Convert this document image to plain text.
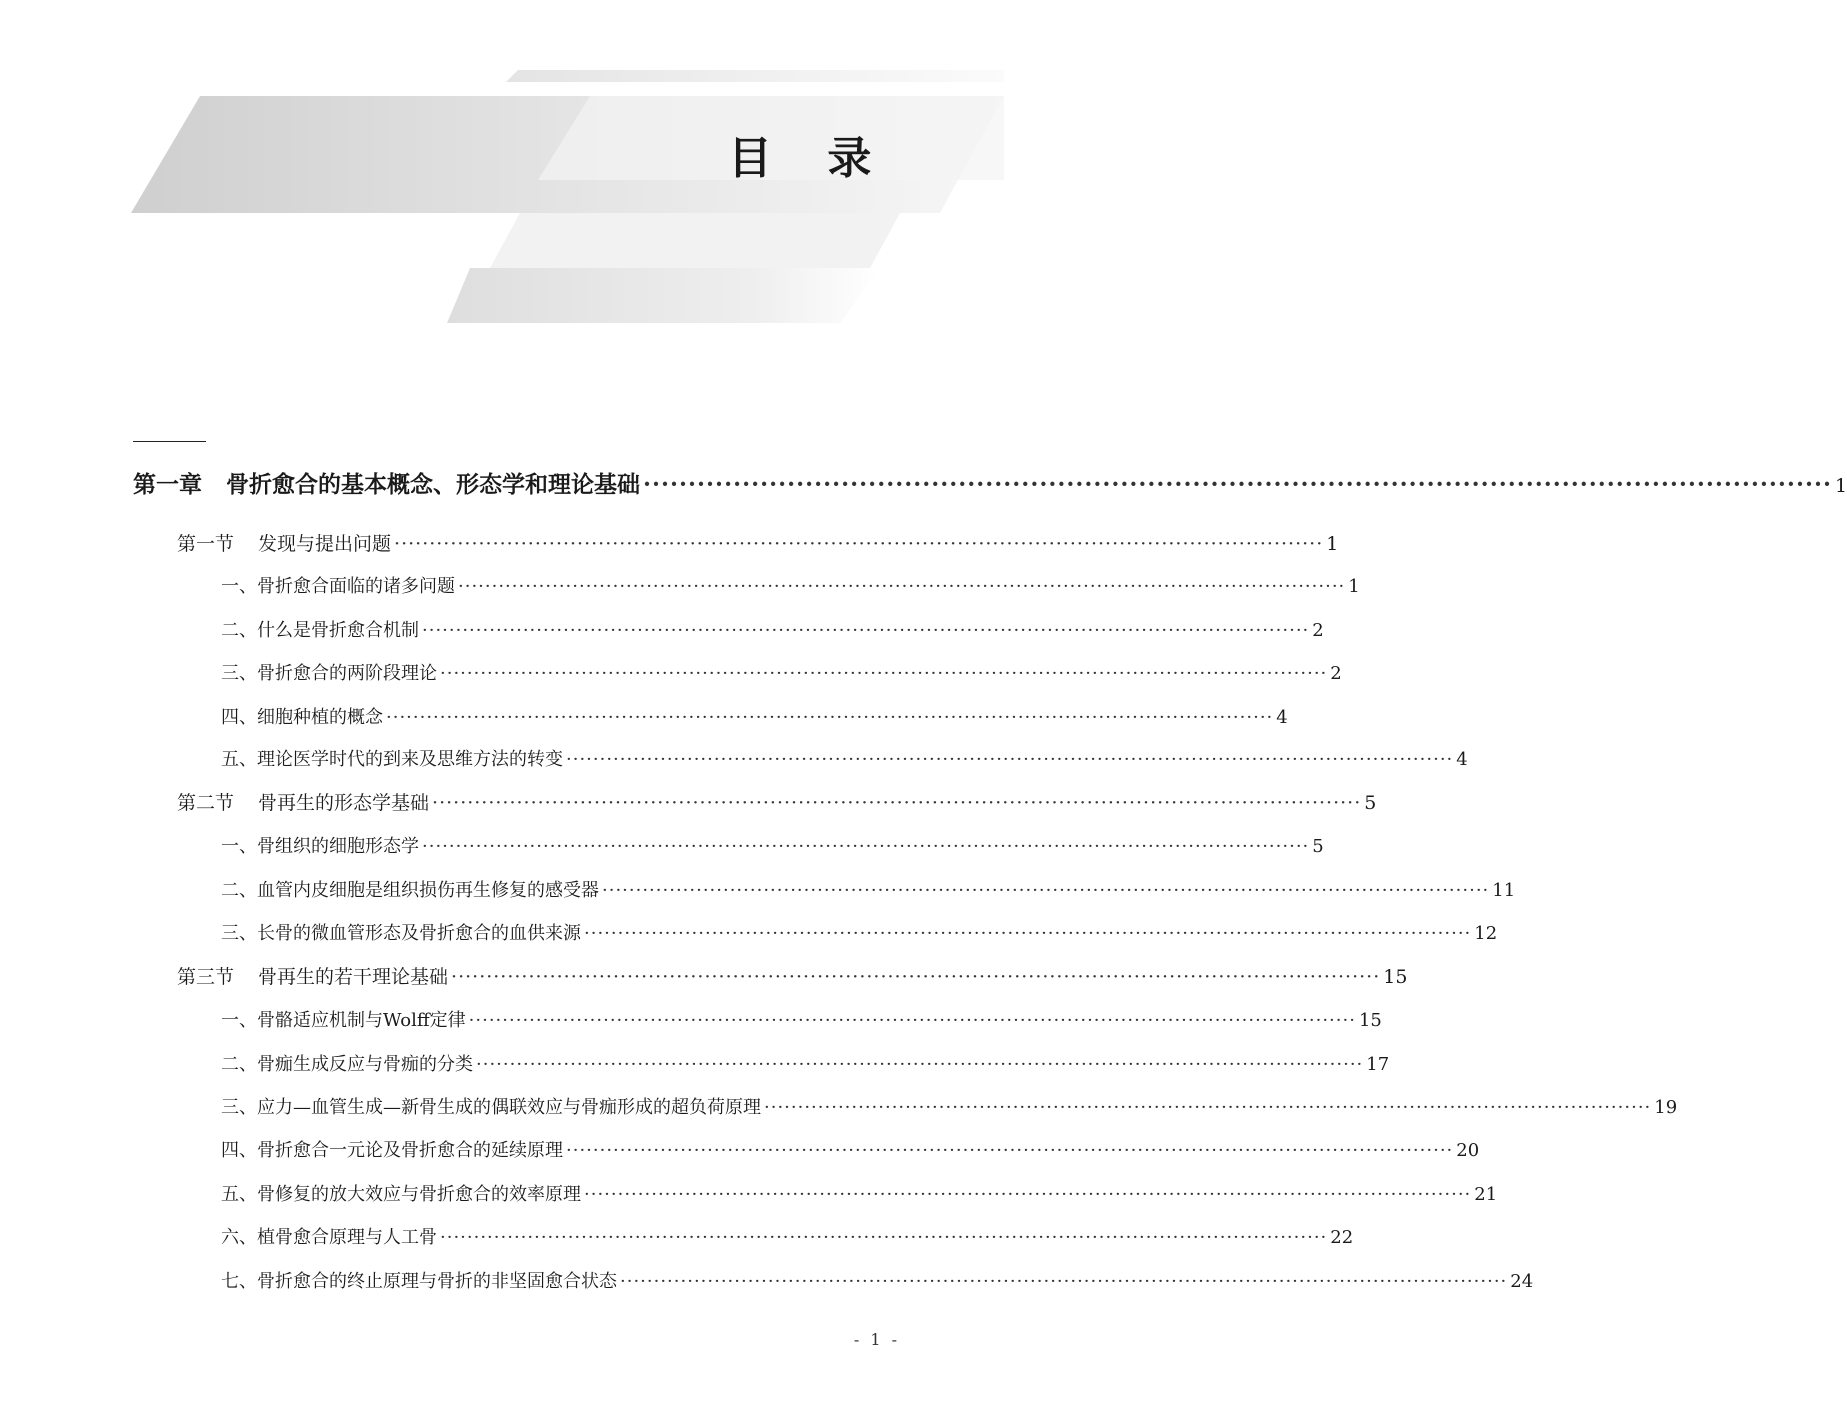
目 录
第一章 骨折愈合的基本概念、形态学和理论基础 ···································································································································· 1
第一节 发现与提出问题 ···································································································································· 1
一、骨折愈合面临的诸多问题 ···································································································································· 1
二、什么是骨折愈合机制 ···································································································································· 2
三、骨折愈合的两阶段理论 ···································································································································· 2
四、细胞种植的概念 ···································································································································· 4
五、理论医学时代的到来及思维方法的转变 ···································································································································· 4
第二节 骨再生的形态学基础 ···································································································································· 5
一、骨组织的细胞形态学 ···································································································································· 5
二、血管内皮细胞是组织损伤再生修复的感受器 ···································································································································· 11
三、长骨的微血管形态及骨折愈合的血供来源 ···································································································································· 12
第三节 骨再生的若干理论基础 ···································································································································· 15
一、骨骼适应机制与Wolff定律 ···································································································································· 15
二、骨痂生成反应与骨痂的分类 ···································································································································· 17
三、应力—血管生成—新骨生成的偶联效应与骨痂形成的超负荷原理 ···································································································································· 19
四、骨折愈合一元论及骨折愈合的延续原理 ···································································································································· 20
五、骨修复的放大效应与骨折愈合的效率原理 ···································································································································· 21
六、植骨愈合原理与人工骨 ···································································································································· 22
七、骨折愈合的终止原理与骨折的非坚固愈合状态 ···································································································································· 24
- 1 -
